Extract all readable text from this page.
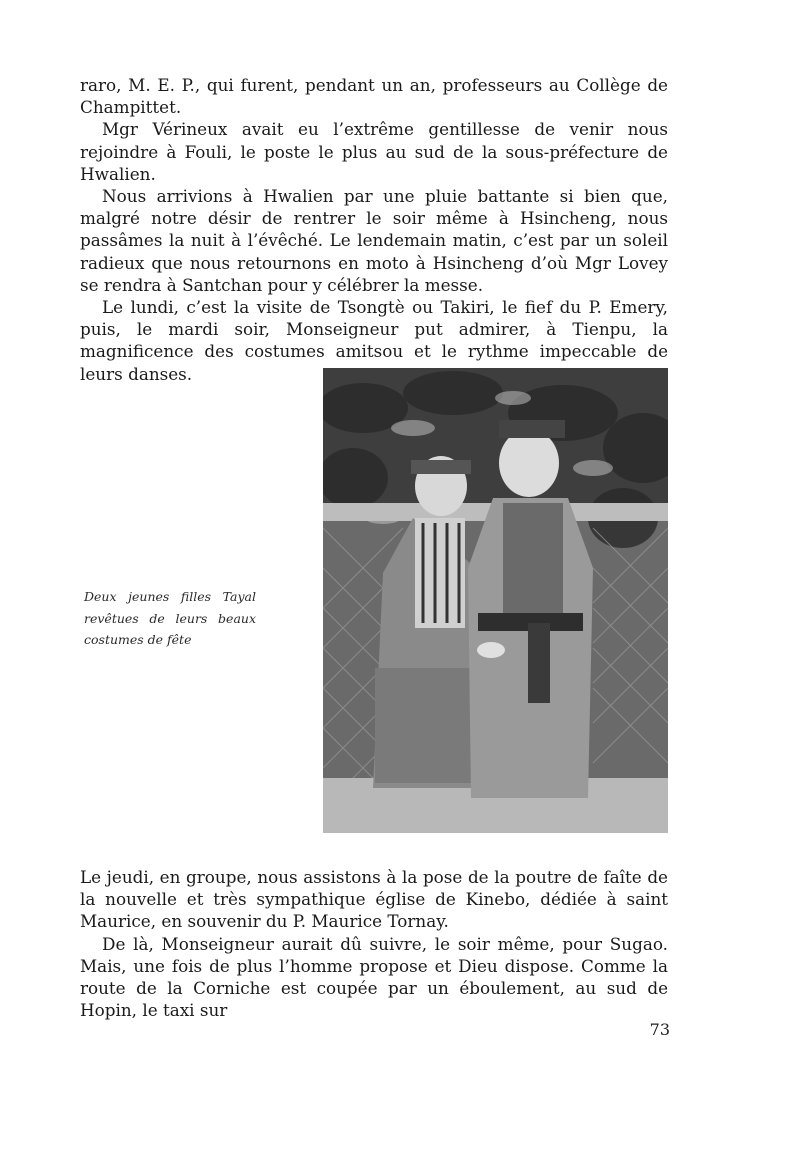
raro, M. E. P., qui furent, pendant un an, professeurs au Collège de Champittet.

Mgr Vérineux avait eu l’extrême gentillesse de venir nous rejoindre à Fouli, le poste le plus au sud de la sous-préfecture de Hwalien.

Nous arrivions à Hwalien par une pluie battante si bien que, malgré notre désir de rentrer le soir même à Hsincheng, nous passâmes la nuit à l’évêché. Le lendemain matin, c’est par un soleil radieux que nous retournons en moto à Hsincheng d’où Mgr Lovey se rendra à Santchan pour y célébrer la messe.

Le lundi, c’est la visite de Tsongtè ou Takiri, le fief du P. Emery, puis, le mardi soir, Monseigneur put admirer, à Tienpu, la magnificence des costumes amitsou et le rythme impeccable de leurs danses.

Deux jeunes filles Tayal revêtues de leurs beaux costumes de fête

Le jeudi, en groupe, nous assistons à la pose de la poutre de faîte de la nouvelle et très sympathique église de Kinebo, dédiée à saint Maurice, en souvenir du P. Maurice Tornay.

De là, Monseigneur aurait dû suivre, le soir même, pour Sugao. Mais, une fois de plus l’homme propose et Dieu dispose. Comme la route de la Corniche est coupée par un éboulement, au sud de Hopin, le taxi sur

73
